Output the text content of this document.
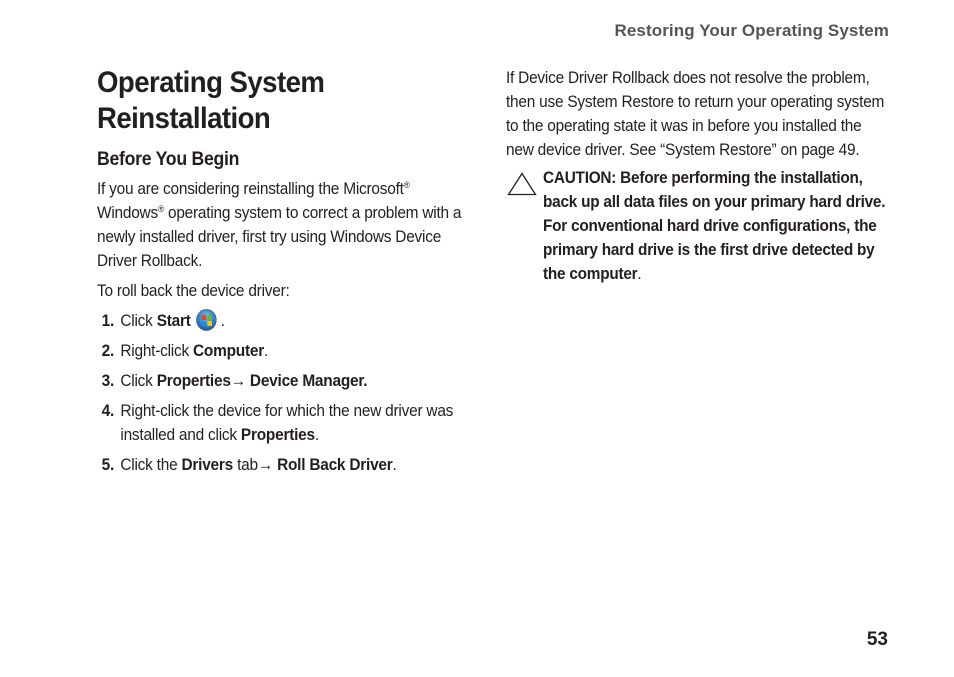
Restoring Your Operating System
Operating System Reinstallation
Before You Begin

If you are considering reinstalling the Microsoft® Windows® operating system to correct a problem with a newly installed driver, first try using Windows Device Driver Rollback.

To roll back the device driver:

1. Click Start .
2. Right-click Computer.
3. Click Properties→ Device Manager.
4. Right-click the device for which the new driver was installed and click Properties.
5. Click the Drivers tab→ Roll Back Driver.

If Device Driver Rollback does not resolve the problem, then use System Restore to return your operating system to the operating state it was in before you installed the new device driver. See “System Restore” on page 49.

CAUTION: Before performing the installation, back up all data files on your primary hard drive. For conventional hard drive configurations, the primary hard drive is the first drive detected by the computer.
53
